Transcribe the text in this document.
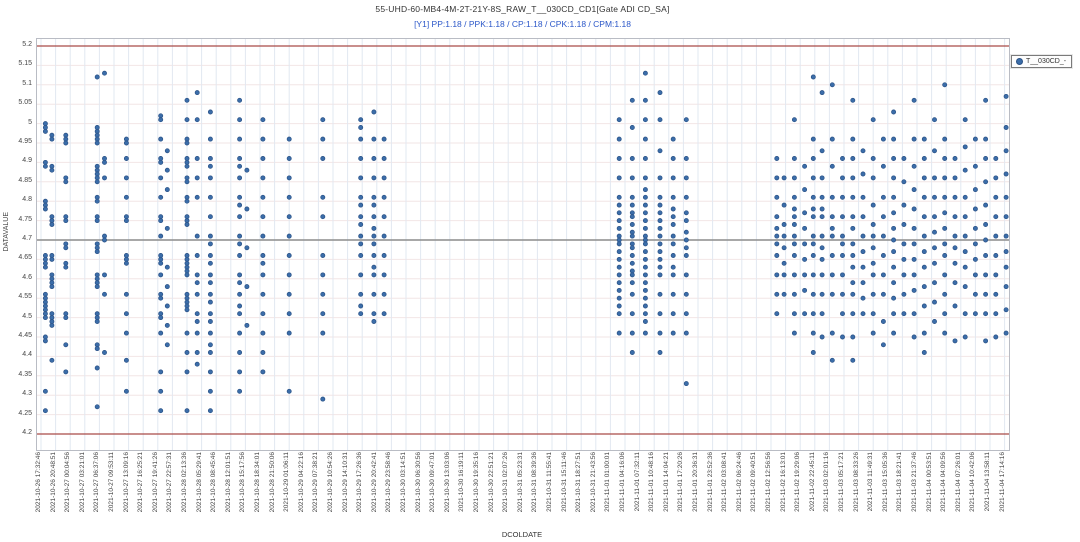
55-UHD-60-MB4-4M-2T-21Y-8S_RAW_T__030CD_CD1[Gate ADI CD_SA]
[Y1] PP:1.18 / PPK:1.18 / CP:1.18 / CPK:1.18 / CPM:1.18
DATAVALUE
5.2
5.15
5.1
5.05
5
4.95
4.9
4.85
4.8
4.75
4.7
4.65
4.6
4.55
4.5
4.45
4.4
4.35
4.3
4.25
4.2
2021-10-26 17:32:46 2021-10-26 20:48:51 2021-10-27 00:04:56 2021-10-27 03:21:01 2021-10-27 06:37:06 2021-10-27 09:53:11 2021-10-27 13:09:16 2021-10-27 16:25:21 2021-10-27 19:41:26 2021-10-27 22:57:31 2021-10-28 02:13:36 2021-10-28 05:29:41 2021-10-28 08:45:46 2021-10-28 12:01:51 2021-10-28 15:17:56 2021-10-28 18:34:01 2021-10-28 21:50:06 2021-10-29 01:06:11 2021-10-29 04:22:16 2021-10-29 07:38:21 2021-10-29 10:54:26 2021-10-29 14:10:31 2021-10-29 17:26:36 2021-10-29 20:42:41 2021-10-29 23:58:46 2021-10-30 03:14:51 2021-10-30 06:30:56 2021-10-30 09:47:01 2021-10-30 13:03:06 2021-10-30 16:19:11 2021-10-30 19:35:16 2021-10-30 22:51:21 2021-10-31 02:07:26 2021-10-31 05:23:31 2021-10-31 08:39:36 2021-10-31 11:55:41 2021-10-31 15:11:46 2021-10-31 18:27:51 2021-10-31 21:43:56 2021-11-01 01:00:01 2021-11-01 04:16:06 2021-11-01 07:32:11 2021-11-01 10:48:16 2021-11-01 14:04:21 2021-11-01 17:20:26 2021-11-01 20:36:31 2021-11-01 23:52:36 2021-11-02 03:08:41 2021-11-02 06:24:46 2021-11-02 09:40:51 2021-11-02 12:56:56 2021-11-02 16:13:01 2021-11-02 19:29:06 2021-11-02 22:45:11 2021-11-03 02:01:16 2021-11-03 05:17:21 2021-11-03 08:33:26 2021-11-03 11:49:31 2021-11-03 15:05:36 2021-11-03 18:21:41 2021-11-03 21:37:46 2021-11-04 00:53:51 2021-11-04 04:09:56 2021-11-04 07:26:01 2021-11-04 10:42:06 2021-11-04 13:58:11 2021-11-04 17:14:16
DCOLDATE
T__030CD_-
